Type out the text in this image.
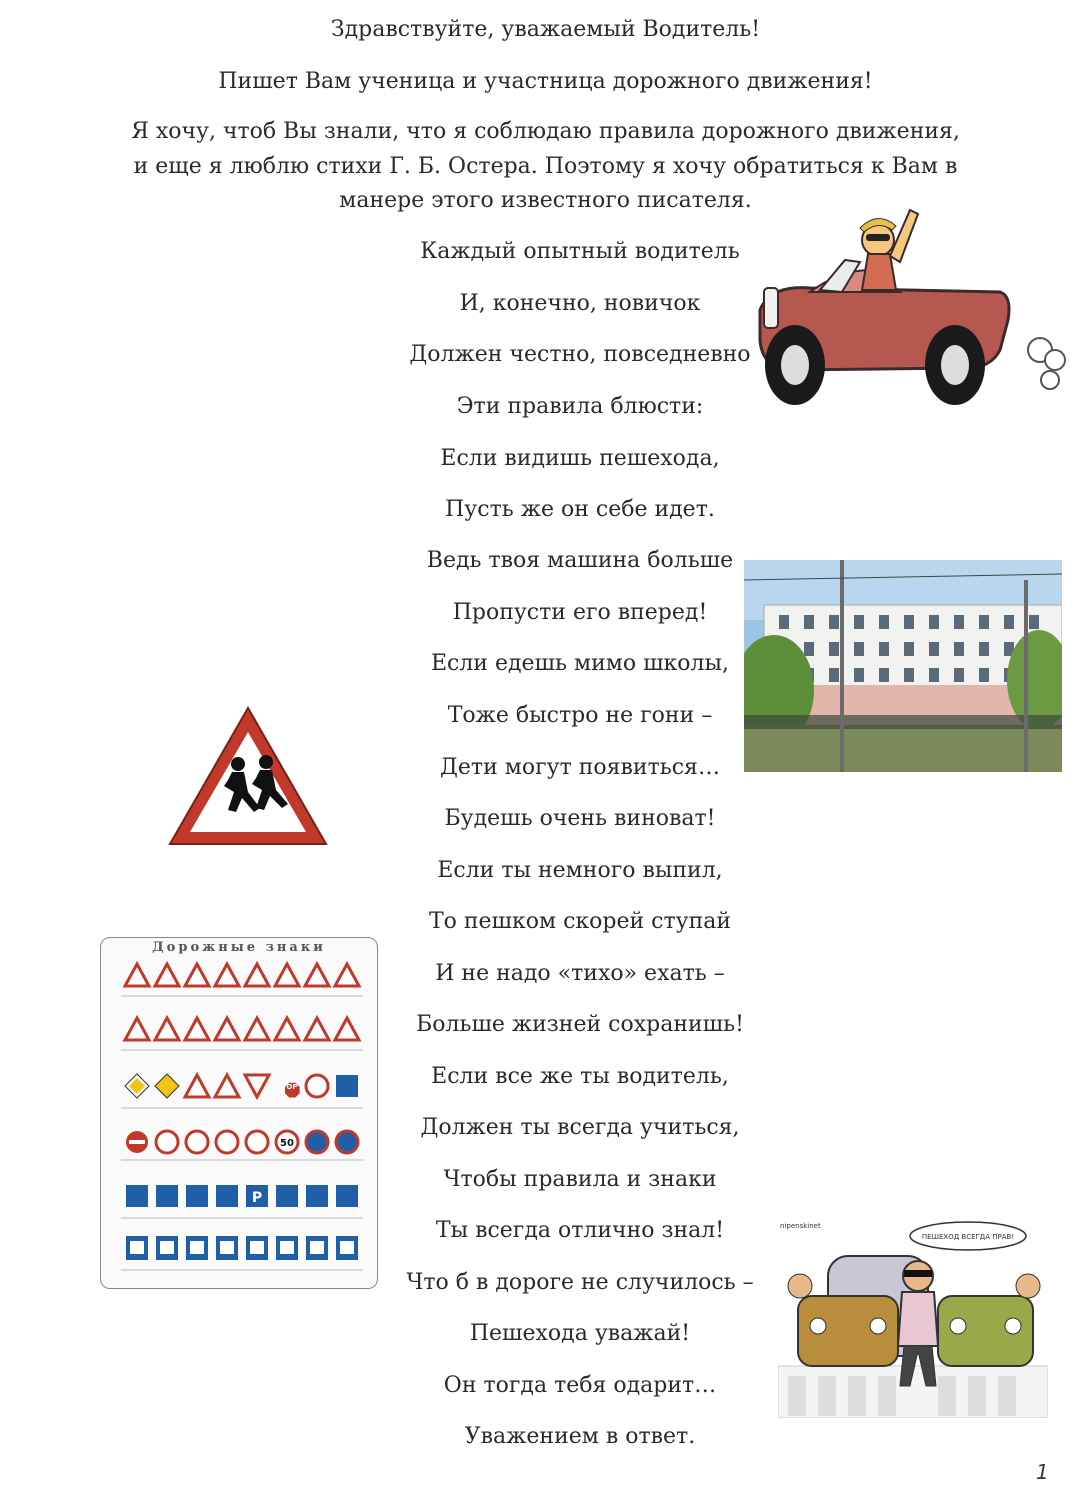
Здравствуйте, уважаемый Водитель!
Пишет Вам ученица и участница дорожного движения!
Я хочу, чтоб Вы знали, что я соблюдаю правила дорожного движения,
и еще я люблю стихи Г. Б. Остера. Поэтому я хочу обратиться к Вам в
манере этого известного писателя.
Каждый опытный водитель
И, конечно, новичок
Должен честно, повседневно
Эти правила блюсти:
Если видишь пешехода,
Пусть же он себе идет.
Ведь твоя машина больше
Пропусти его вперед!
Если едешь мимо школы,
Тоже быстро не гони –
Дети могут появиться…
Будешь очень виноват!
Если ты немного выпил,
То пешком скорей ступай
И не надо «тихо» ехать –
Больше жизней сохранишь!
Если все же ты водитель,
Должен ты всегда учиться,
Чтобы правила и знаки
Ты всегда отлично знал!
Что б в дороге не случилось –
Пешехода уважай!
Он тогда тебя одарит…
Уважением в ответ.
Дорожные знаки
STOP
50
P
nipenskinet
ПЕШЕХОД ВСЕГДА ПРАВ!
1
